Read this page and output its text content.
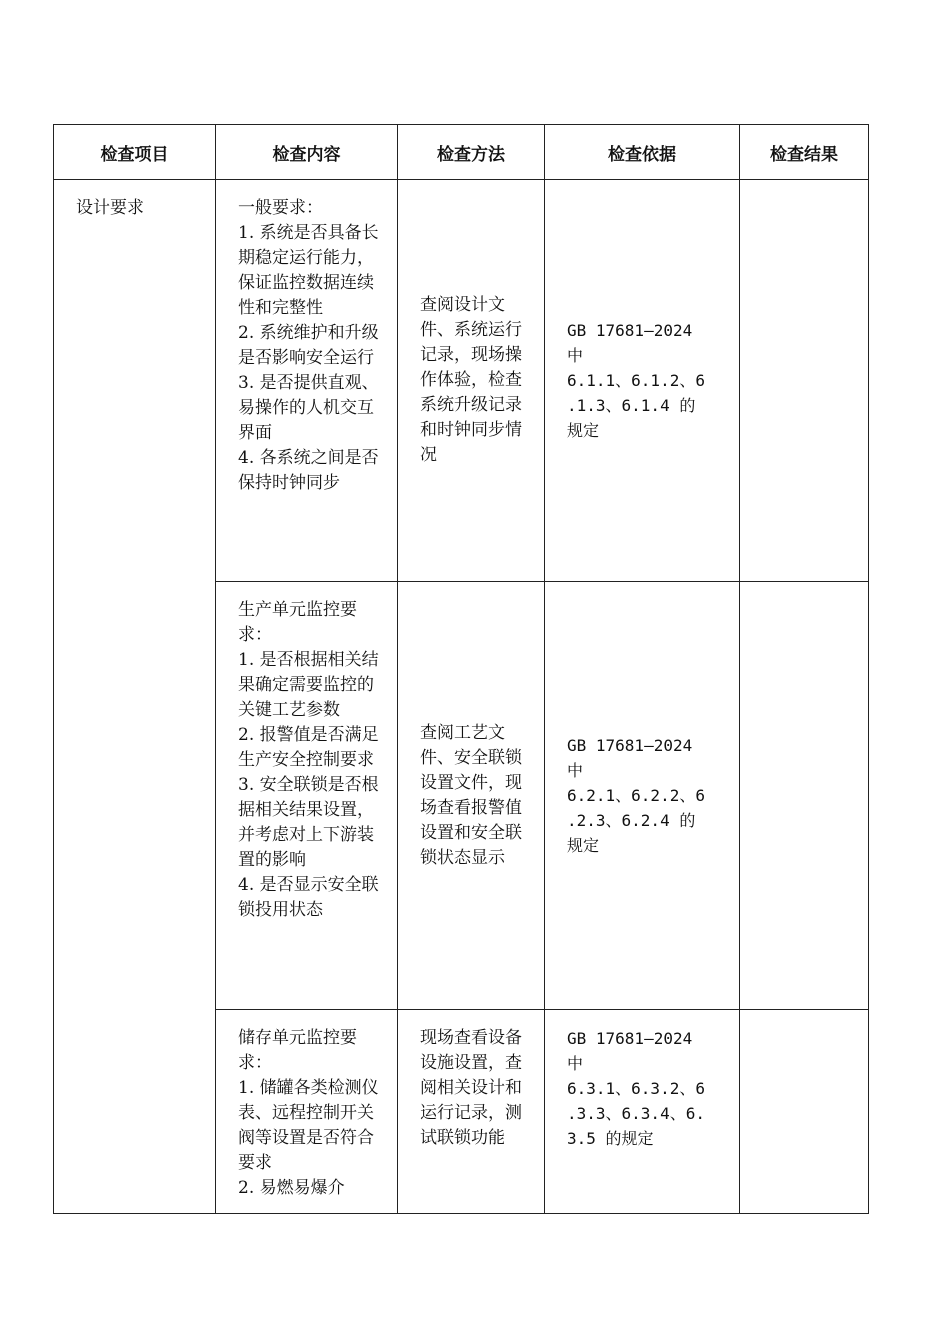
检查项目	检查内容	检查方法	检查依据	检查结果

设计要求	一般要求：
1. 系统是否具备长期稳定运行能力，保证监控数据连续性和完整性
2. 系统维护和升级是否影响安全运行
3. 是否提供直观、易操作的人机交互界面
4. 各系统之间是否保持时钟同步	查阅设计文件、系统运行记录，现场操作体验，检查系统升级记录和时钟同步情况	GB 17681—2024
中
6.1.1、6.1.2、6
.1.3、6.1.4 的
规定	

	生产单元监控要求：
1. 是否根据相关结果确定需要监控的关键工艺参数
2. 报警值是否满足生产安全控制要求
3. 安全联锁是否根据相关结果设置，并考虑对上下游装置的影响
4. 是否显示安全联锁投用状态	查阅工艺文件、安全联锁设置文件，现场查看报警值设置和安全联锁状态显示	GB 17681—2024
中
6.2.1、6.2.2、6
.2.3、6.2.4 的
规定	

	储存单元监控要求：
1. 储罐各类检测仪表、远程控制开关阀等设置是否符合要求
2. 易燃易爆介	现场查看设备设施设置，查阅相关设计和运行记录，测试联锁功能	GB 17681—2024
中
6.3.1、6.3.2、6
.3.3、6.3.4、6.
3.5 的规定	
